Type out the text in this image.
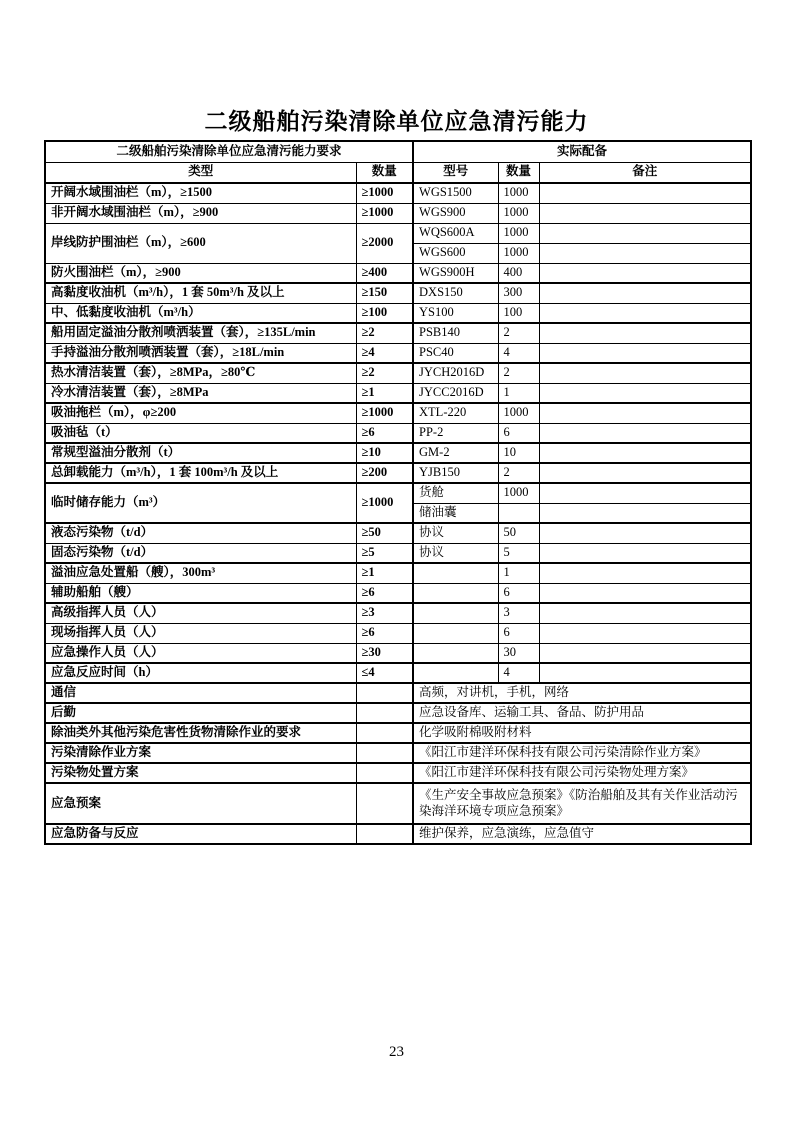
二级船舶污染清除单位应急清污能力
二级船舶污染清除单位应急清污能力要求		实际配备		
类型	数量	型号	数量	备注
开阔水域围油栏（m），≥1500	≥1000	WGS1500	1000	
非开阔水域围油栏（m），≥900	≥1000	WGS900	1000	
岸线防护围油栏（m），≥600	≥2000	WQS600A	1000	
		WGS600	1000	
防火围油栏（m），≥900	≥400	WGS900H	400	
高黏度收油机（m³/h），1 套 50m³/h 及以上	≥150	DXS150	300	
中、低黏度收油机（m³/h）	≥100	YS100	100	
船用固定溢油分散剂喷洒装置（套），≥135L/min	≥2	PSB140	2	
手持溢油分散剂喷洒装置（套），≥18L/min	≥4	PSC40	4	
热水清洁装置（套），≥8MPa，≥80℃	≥2	JYCH2016D	2	
冷水清洁装置（套），≥8MPa	≥1	JYCC2016D	1	
吸油拖栏（m），φ≥200	≥1000	XTL-220	1000	
吸油毡（t）	≥6	PP-2	6	
常规型溢油分散剂（t）	≥10	GM-2	10	
总卸载能力（m³/h），1 套 100m³/h 及以上	≥200	YJB150	2	
临时储存能力（m³）	≥1000	货舱	1000	
		储油囊		
液态污染物（t/d）	≥50	协议	50	
固态污染物（t/d）	≥5	协议	5	
溢油应急处置船（艘），300m³	≥1		1	
辅助船舶（艘）	≥6		6	
高级指挥人员（人）	≥3		3	
现场指挥人员（人）	≥6		6	
应急操作人员（人）	≥30		30	
应急反应时间（h）	≤4		4	
通信		高频，对讲机，手机，网络		
后勤		应急设备库、运输工具、备品、防护用品		
除油类外其他污染危害性货物清除作业的要求		化学吸附棉吸附材料		
污染清除作业方案		《阳江市建洋环保科技有限公司污染清除作业方案》		
污染物处置方案		《阳江市建洋环保科技有限公司污染物处理方案》		
应急预案		《生产安全事故应急预案》《防治船舶及其有关作业活动污染海洋环境专项应急预案》		
应急防备与反应		维护保养，应急演练，应急值守		
23
